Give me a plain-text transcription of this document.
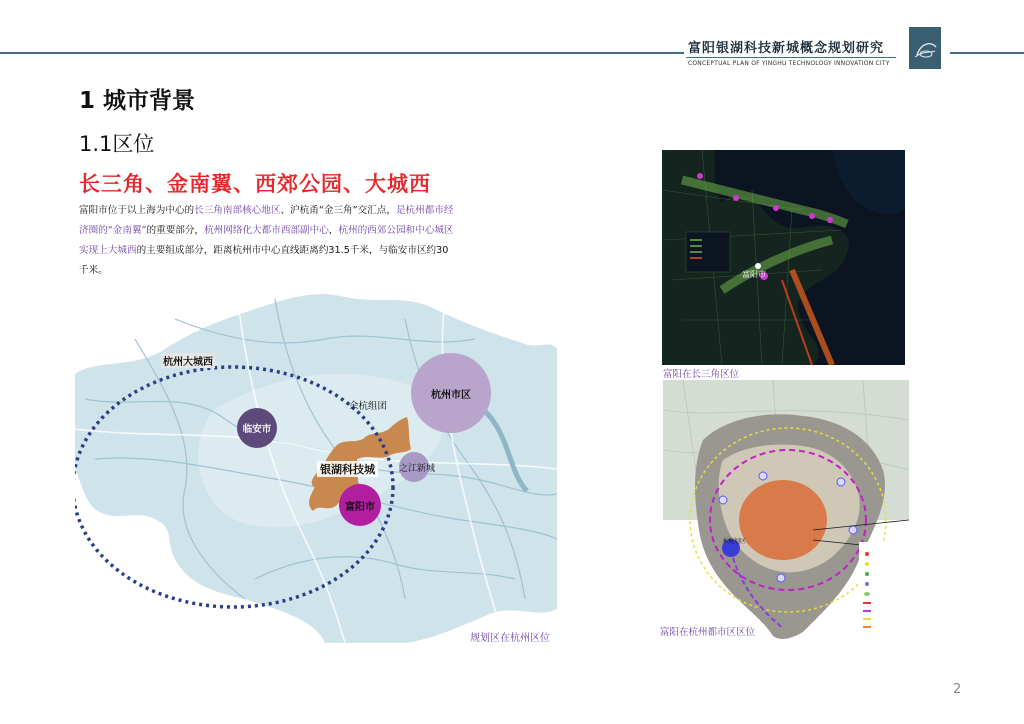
富阳银湖科技新城概念规划研究
CONCEPTUAL PLAN OF YINGHU TECHNOLOGY INNOVATION CITY
1 城市背景
1.1区位
长三角、金南翼、西郊公园、大城西
富阳市位于以上海为中心的长三角南部核心地区、沪杭甬“金三角”交汇点，是杭州都市经济圈的“金南翼”的重要部分，杭州网络化大都市西部副中心，杭州的西郊公园和中心城区实现上大城西的主要组成部分，距离杭州市中心直线距离约31.5千米，与临安市区约30千米。
杭州大城西
余杭组团
杭州市区
临安市
之江新城
银湖科技城
富阳市
规划区在杭州区位
富阳市
富阳在长三角区位
本规划区
富阳在杭州都市区区位
2
